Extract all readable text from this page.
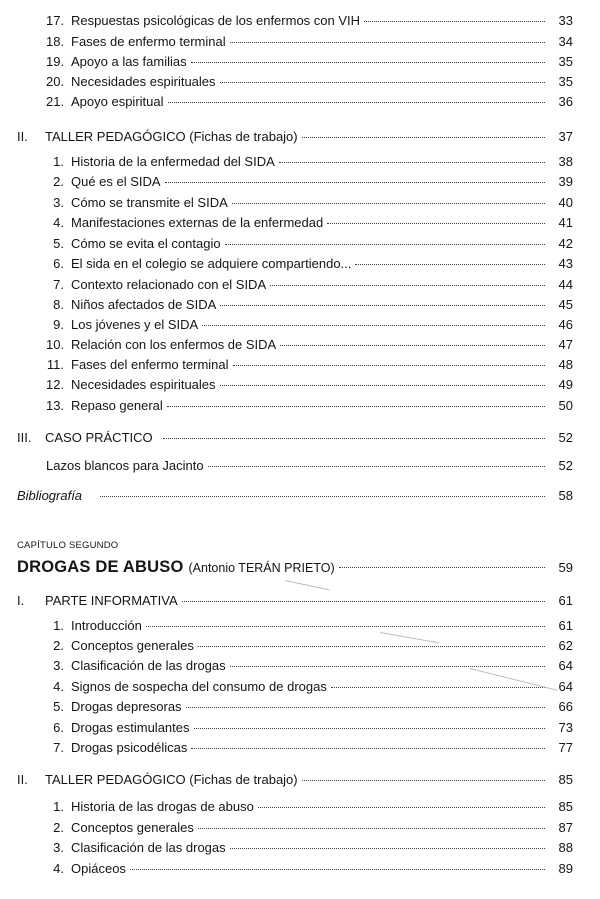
17. Respuestas psicológicas de los enfermos con VIH	33
18. Fases de enfermo terminal	34
19. Apoyo a las familias	35
20. Necesidades espirituales	35
21. Apoyo espiritual	36
II.	TALLER PEDAGÓGICO (Fichas de trabajo)	37
1. Historia de la enfermedad del SIDA	38
2. Qué es el SIDA	39
3. Cómo se transmite el SIDA	40
4. Manifestaciones externas de la enfermedad	41
5. Cómo se evita el contagio	42
6. El sida en el colegio se adquiere compartiendo...	43
7. Contexto relacionado con el SIDA	44
8. Niños afectados de SIDA	45
9. Los jóvenes y el SIDA	46
10. Relación con los enfermos de SIDA	47
11. Fases del enfermo terminal	48
12. Necesidades espirituales	49
13. Repaso general	50
III.	CASO PRÁCTICO	52
Lazos blancos para Jacinto	52
Bibliografía	58
CAPÍTULO SEGUNDO
DROGAS DE ABUSO (Antonio TERÁN PRIETO)	59
I.	PARTE INFORMATIVA	61
1. Introducción	61
2. Conceptos generales	62
3. Clasificación de las drogas	64
4. Signos de sospecha del consumo de drogas	64
5. Drogas depresoras	66
6. Drogas estimulantes	73
7. Drogas psicodélicas	77
II.	TALLER PEDAGÓGICO (Fichas de trabajo)	85
1. Historia de las drogas de abuso	85
2. Conceptos generales	87
3. Clasificación de las drogas	88
4. Opiáceos	89
